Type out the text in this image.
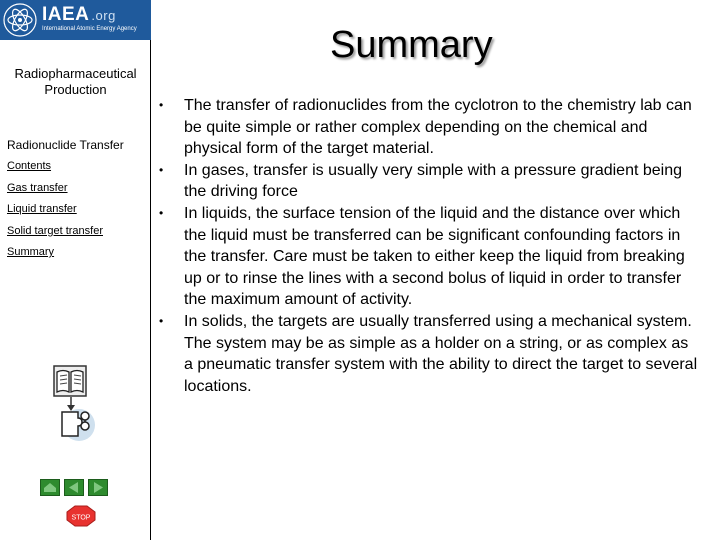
IAEA .org
International Atomic Energy Agency
Radiopharmaceutical Production
Radionuclide Transfer
Contents
Gas transfer
Liquid transfer
Solid target transfer
Summary
STOP
Summary
• The transfer of radionuclides from the cyclotron to the chemistry lab can be quite simple or rather complex depending on the chemical and physical form of the target material.
• In gases, transfer is usually very simple with a pressure gradient being the driving force
• In liquids, the surface tension of the liquid and the distance over which the liquid must be transferred can be significant confounding factors in the transfer. Care must be taken to either keep the liquid from breaking up or to rinse the lines with a second bolus of liquid in order to transfer the maximum amount of activity.
• In solids, the targets are usually transferred using a mechanical system. The system may be as simple as a holder on a string, or as complex as a pneumatic transfer system with the ability to direct the target to several locations.
